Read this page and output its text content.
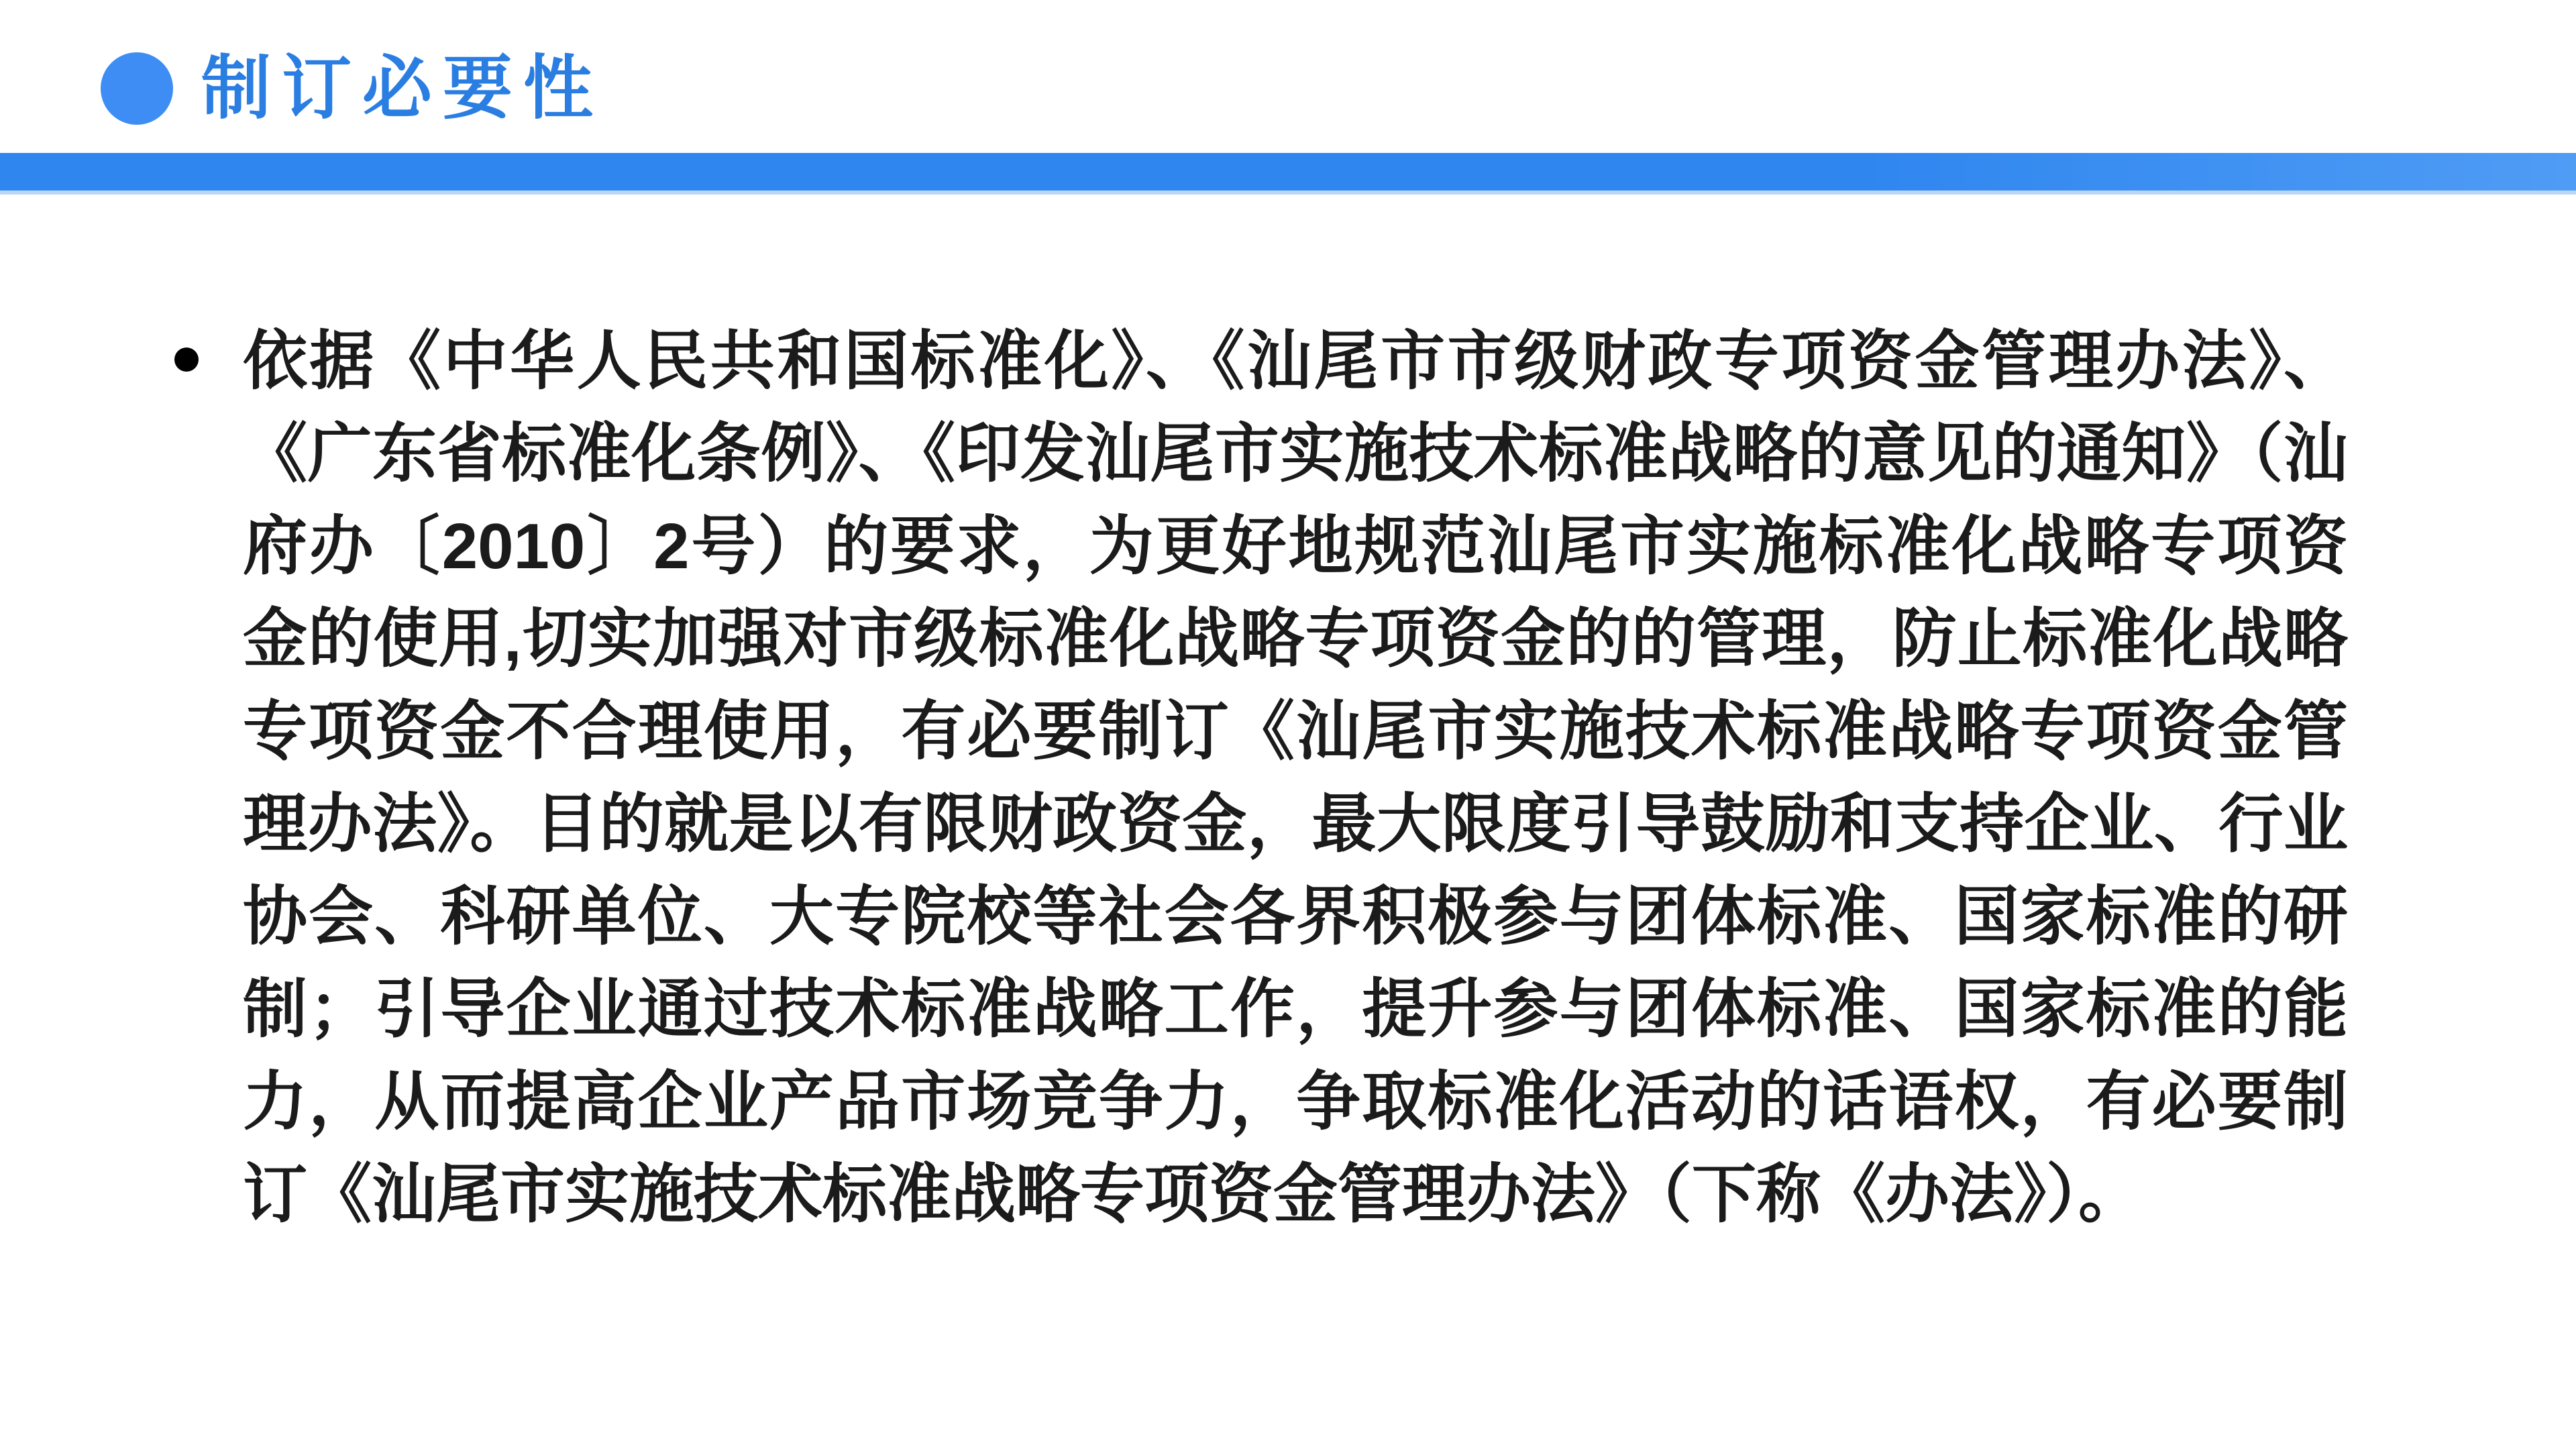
制订必要性
依据《中华人民共和国标准化》、《汕尾市市级财政专项资金管理办法》、《广东省标准化条例》、《印发汕尾市实施技术标准战略的意见的通知》（汕府办〔2010〕2号）的要求，为更好地规范汕尾市实施标准化战略专项资金的使用,切实加强对市级标准化战略专项资金的的管理，防止标准化战略专项资金不合理使用，有必要制订《汕尾市实施技术标准战略专项资金管理办法》。目的就是以有限财政资金，最大限度引导鼓励和支持企业、行业协会、科研单位、大专院校等社会各界积极参与团体标准、国家标准的研制；引导企业通过技术标准战略工作，提升参与团体标准、国家标准的能力，从而提高企业产品市场竞争力，争取标准化活动的话语权，有必要制订《汕尾市实施技术标准战略专项资金管理办法》（下称《办法》）。
